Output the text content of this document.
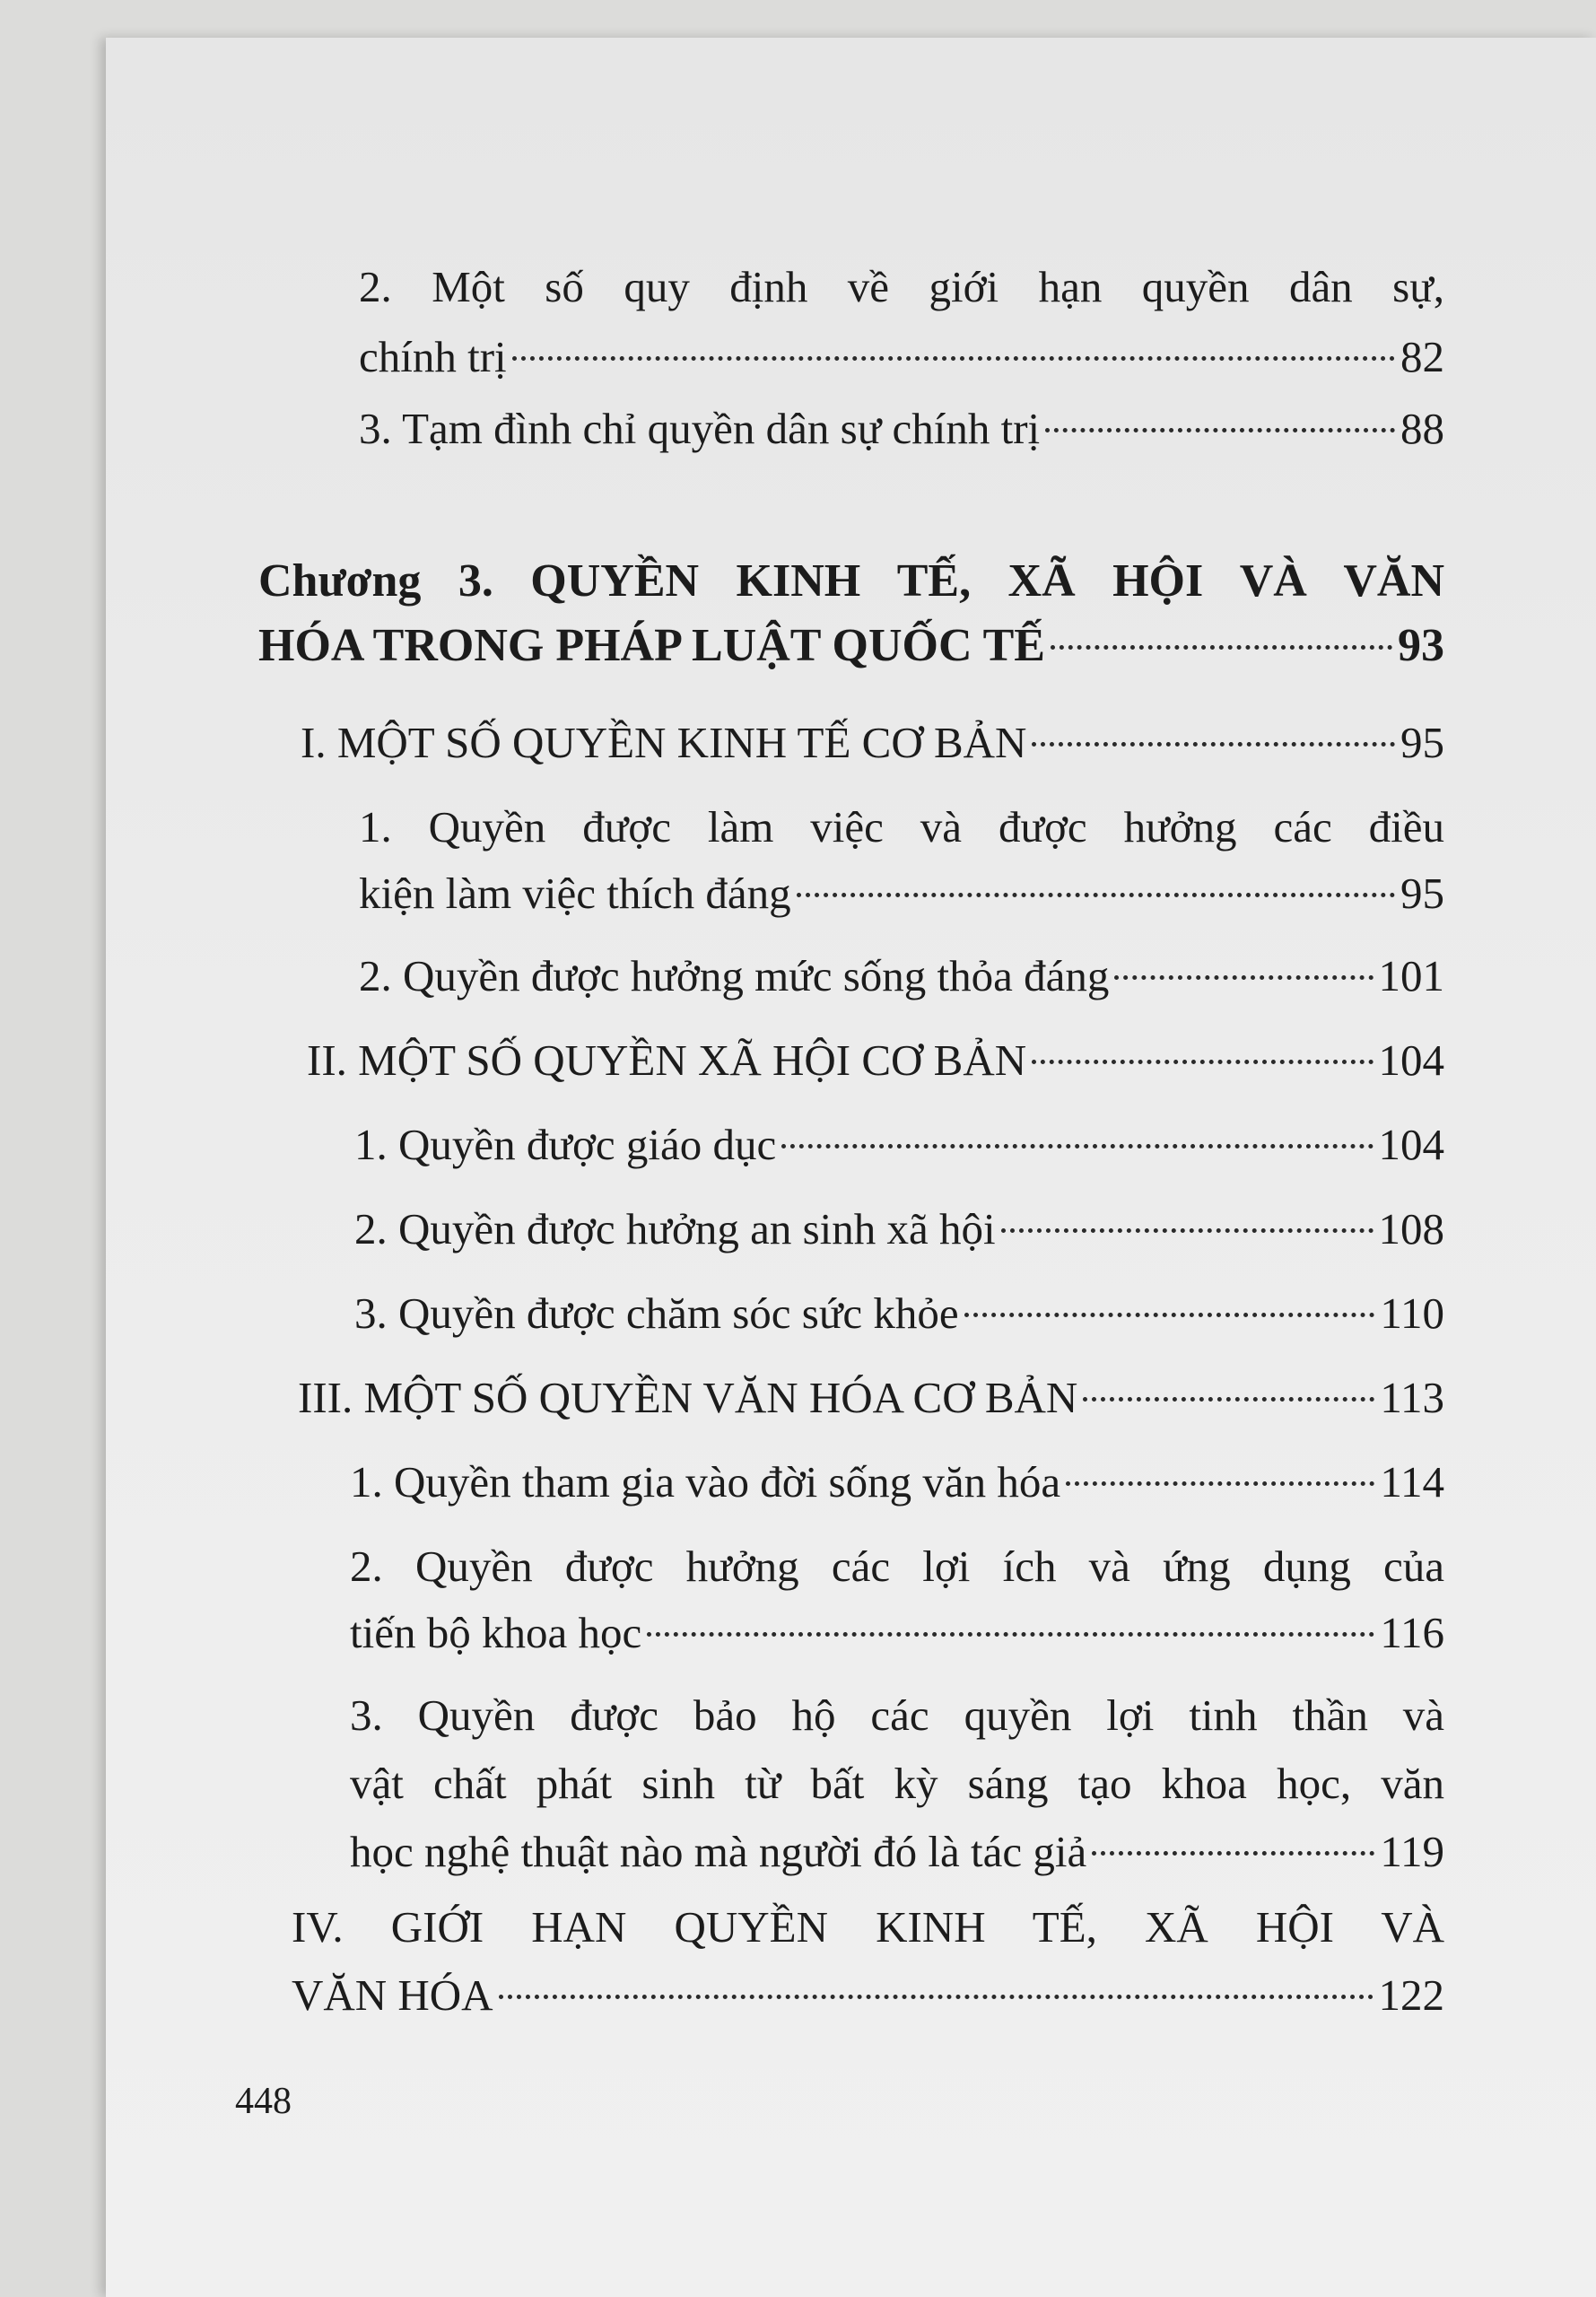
2. Một số quy định về giới hạn quyền dân sự,
chính trị	82
3. Tạm đình chỉ quyền dân sự chính trị	88
Chương 3. QUYỀN KINH TẾ, XÃ HỘI VÀ VĂN
HÓA TRONG PHÁP LUẬT QUỐC TẾ	93
I. MỘT SỐ QUYỀN KINH TẾ CƠ BẢN	95
1. Quyền được làm việc và được hưởng các điều
kiện làm việc thích đáng	95
2. Quyền được hưởng mức sống thỏa đáng	101
II. MỘT SỐ QUYỀN XÃ HỘI CƠ BẢN	104
1. Quyền được giáo dục	104
2. Quyền được hưởng an sinh xã hội	108
3. Quyền được chăm sóc sức khỏe	110
III. MỘT SỐ QUYỀN VĂN HÓA CƠ BẢN	113
1. Quyền tham gia vào đời sống văn hóa	114
2. Quyền được hưởng các lợi ích và ứng dụng của
tiến bộ khoa học	116
3. Quyền được bảo hộ các quyền lợi tinh thần và
vật chất phát sinh từ bất kỳ sáng tạo khoa học, văn
học nghệ thuật nào mà người đó là tác giả	119
IV. GIỚI HẠN QUYỀN KINH TẾ, XÃ HỘI VÀ
VĂN HÓA	122
448
